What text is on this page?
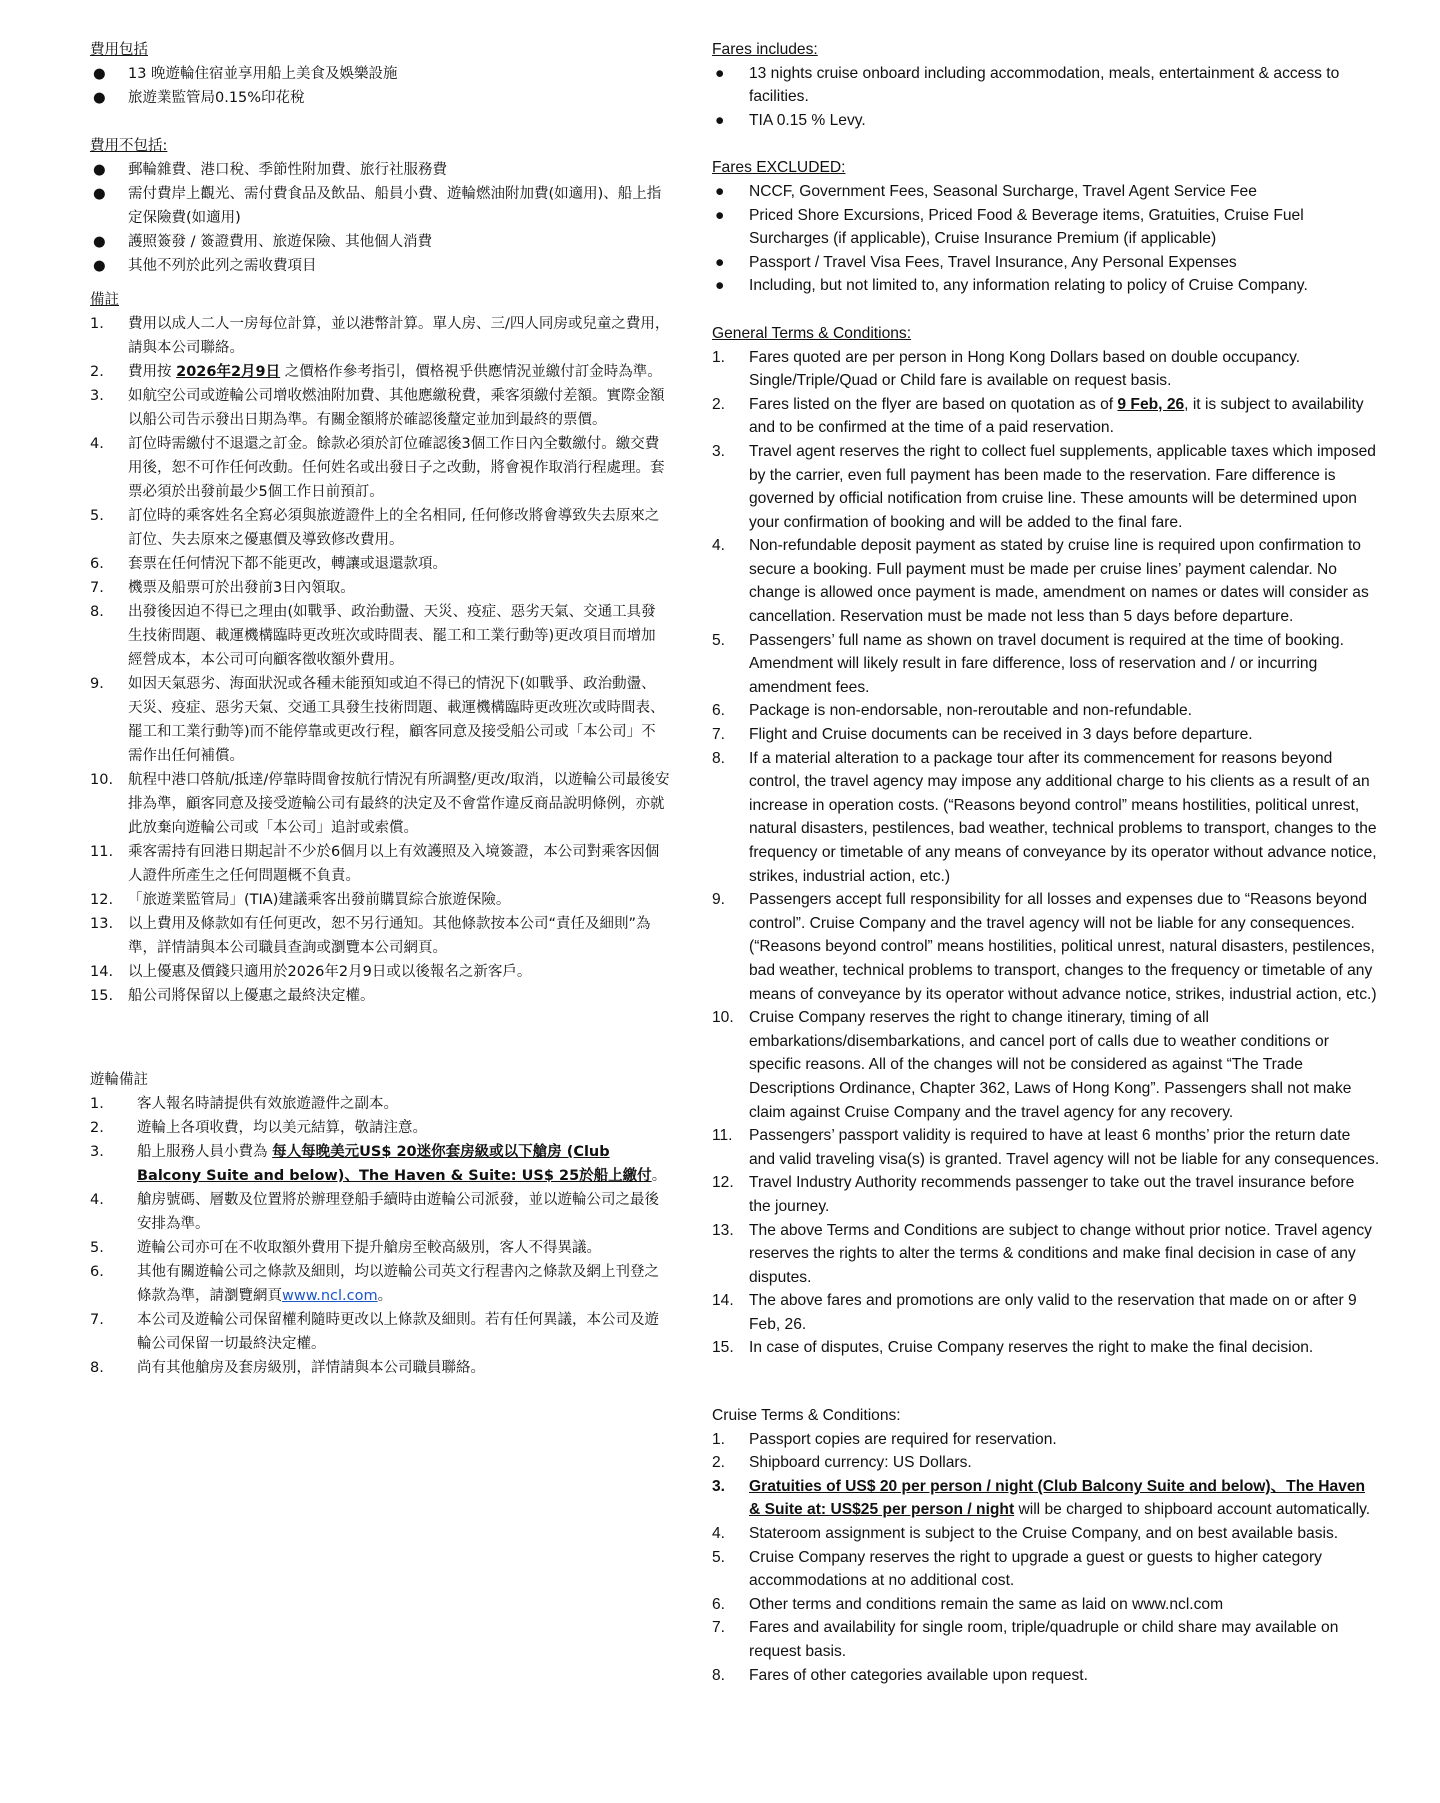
費用包括
● 13 晚遊輪住宿並享用船上美食及娛樂設施
● 旅遊業監管局0.15%印花稅
費用不包括:
● 郵輪雜費、港口稅、季節性附加費、旅行社服務費
● 需付費岸上觀光、需付費食品及飲品、船員小費、遊輪燃油附加費(如適用)、船上指定保險費(如適用)
● 護照簽發 / 簽證費用、旅遊保險、其他個人消費
● 其他不列於此列之需收費項目
備註
1. 費用以成人二人一房每位計算，並以港幣計算。單人房、三/四人同房或兒童之費用，請與本公司聯絡。
2. 費用按 2026年2月9日 之價格作參考指引，價格視乎供應情況並繳付訂金時為準。
3. 如航空公司或遊輪公司增收燃油附加費、其他應繳稅費，乘客須繳付差額。實際金額以船公司告示發出日期為準。有關金額將於確認後釐定並加到最終的票價。
4. 訂位時需繳付不退還之訂金。餘款必須於訂位確認後3個工作日內全數繳付。繳交費用後，恕不可作任何改動。任何姓名或出發日子之改動，將會視作取消行程處理。套票必須於出發前最少5個工作日前預訂。
5. 訂位時的乘客姓名全寫必須與旅遊證件上的全名相同, 任何修改將會導致失去原來之訂位、失去原來之優惠價及導致修改費用。
6. 套票在任何情況下都不能更改，轉讓或退還款項。
7. 機票及船票可於出發前3日內領取。
8. 出發後因迫不得已之理由(如戰爭、政治動盪、天災、疫症、惡劣天氣、交通工具發生技術問題、載運機構臨時更改班次或時間表、罷工和工業行動等)更改項目而增加經營成本，本公司可向顧客徵收額外費用。
9. 如因天氣惡劣、海面狀況或各種未能預知或迫不得已的情況下(如戰爭、政治動盪、天災、疫症、惡劣天氣、交通工具發生技術問題、載運機構臨時更改班次或時間表、罷工和工業行動等)而不能停靠或更改行程，顧客同意及接受船公司或「本公司」不需作出任何補償。
10. 航程中港口啓航/抵達/停靠時間會按航行情況有所調整/更改/取消，以遊輪公司最後安排為準，顧客同意及接受遊輪公司有最終的決定及不會當作違反商品說明條例，亦就此放棄向遊輪公司或「本公司」追討或索償。
11. 乘客需持有回港日期起計不少於6個月以上有效護照及入境簽證，本公司對乘客因個人證件所產生之任何問題概不負責。
12. 「旅遊業監管局」(TIA)建議乘客出發前購買綜合旅遊保險。
13. 以上費用及條款如有任何更改，恕不另行通知。其他條款按本公司“責任及細則”為準，詳情請與本公司職員查詢或瀏覽本公司網頁。
14. 以上優惠及價錢只適用於2026年2月9日或以後報名之新客戶。
15. 船公司將保留以上優惠之最終決定權。
遊輪備註
1. 客人報名時請提供有效旅遊證件之副本。
2. 遊輪上各項收費，均以美元結算，敬請注意。
3. 船上服務人員小費為 每人每晚美元US$ 20迷你套房級或以下艙房 (Club Balcony Suite and below)、The Haven & Suite: US$ 25於船上繳付。
4. 艙房號碼、層數及位置將於辦理登船手續時由遊輪公司派發，並以遊輪公司之最後安排為準。
5. 遊輪公司亦可在不收取額外費用下提升艙房至較高級別，客人不得異議。
6. 其他有關遊輪公司之條款及細則，均以遊輪公司英文行程書內之條款及網上刊登之條款為準，請瀏覽網頁www.ncl.com。
7. 本公司及遊輪公司保留權利隨時更改以上條款及細則。若有任何異議，本公司及遊輪公司保留一切最終決定權。
8. 尚有其他艙房及套房級別，詳情請與本公司職員聯絡。
Fares includes:
● 13 nights cruise onboard including accommodation, meals, entertainment & access to facilities.
● TIA 0.15 % Levy.
Fares EXCLUDED:
● NCCF, Government Fees, Seasonal Surcharge, Travel Agent Service Fee
● Priced Shore Excursions, Priced Food & Beverage items, Gratuities, Cruise Fuel Surcharges (if applicable), Cruise Insurance Premium (if applicable)
● Passport / Travel Visa Fees, Travel Insurance, Any Personal Expenses
● Including, but not limited to, any information relating to policy of Cruise Company.
General Terms & Conditions:
1. Fares quoted are per person in Hong Kong Dollars based on double occupancy. Single/Triple/Quad or Child fare is available on request basis.
2. Fares listed on the flyer are based on quotation as of 9 Feb, 26, it is subject to availability and to be confirmed at the time of a paid reservation.
3. Travel agent reserves the right to collect fuel supplements, applicable taxes which imposed by the carrier, even full payment has been made to the reservation. Fare difference is governed by official notification from cruise line. These amounts will be determined upon your confirmation of booking and will be added to the final fare.
4. Non-refundable deposit payment as stated by cruise line is required upon confirmation to secure a booking. Full payment must be made per cruise lines’ payment calendar. No change is allowed once payment is made, amendment on names or dates will consider as cancellation. Reservation must be made not less than 5 days before departure.
5. Passengers’ full name as shown on travel document is required at the time of booking. Amendment will likely result in fare difference, loss of reservation and / or incurring amendment fees.
6. Package is non-endorsable, non-reroutable and non-refundable.
7. Flight and Cruise documents can be received in 3 days before departure.
8. If a material alteration to a package tour after its commencement for reasons beyond control, the travel agency may impose any additional charge to his clients as a result of an increase in operation costs. (“Reasons beyond control” means hostilities, political unrest, natural disasters, pestilences, bad weather, technical problems to transport, changes to the frequency or timetable of any means of conveyance by its operator without advance notice, strikes, industrial action, etc.)
9. Passengers accept full responsibility for all losses and expenses due to “Reasons beyond control”. Cruise Company and the travel agency will not be liable for any consequences. (“Reasons beyond control” means hostilities, political unrest, natural disasters, pestilences, bad weather, technical problems to transport, changes to the frequency or timetable of any means of conveyance by its operator without advance notice, strikes, industrial action, etc.)
10. Cruise Company reserves the right to change itinerary, timing of all embarkations/disembarkations, and cancel port of calls due to weather conditions or specific reasons. All of the changes will not be considered as against “The Trade Descriptions Ordinance, Chapter 362, Laws of Hong Kong”. Passengers shall not make claim against Cruise Company and the travel agency for any recovery.
11. Passengers’ passport validity is required to have at least 6 months’ prior the return date and valid traveling visa(s) is granted. Travel agency will not be liable for any consequences.
12. Travel Industry Authority recommends passenger to take out the travel insurance before the journey.
13. The above Terms and Conditions are subject to change without prior notice. Travel agency reserves the rights to alter the terms & conditions and make final decision in case of any disputes.
14. The above fares and promotions are only valid to the reservation that made on or after 9 Feb, 26.
15. In case of disputes, Cruise Company reserves the right to make the final decision.
Cruise Terms & Conditions:
1. Passport copies are required for reservation.
2. Shipboard currency: US Dollars.
3. Gratuities of US$ 20 per person / night (Club Balcony Suite and below)、The Haven & Suite at: US$25 per person / night will be charged to shipboard account automatically.
4. Stateroom assignment is subject to the Cruise Company, and on best available basis.
5. Cruise Company reserves the right to upgrade a guest or guests to higher category accommodations at no additional cost.
6. Other terms and conditions remain the same as laid on www.ncl.com
7. Fares and availability for single room, triple/quadruple or child share may available on request basis.
8. Fares of other categories available upon request.
